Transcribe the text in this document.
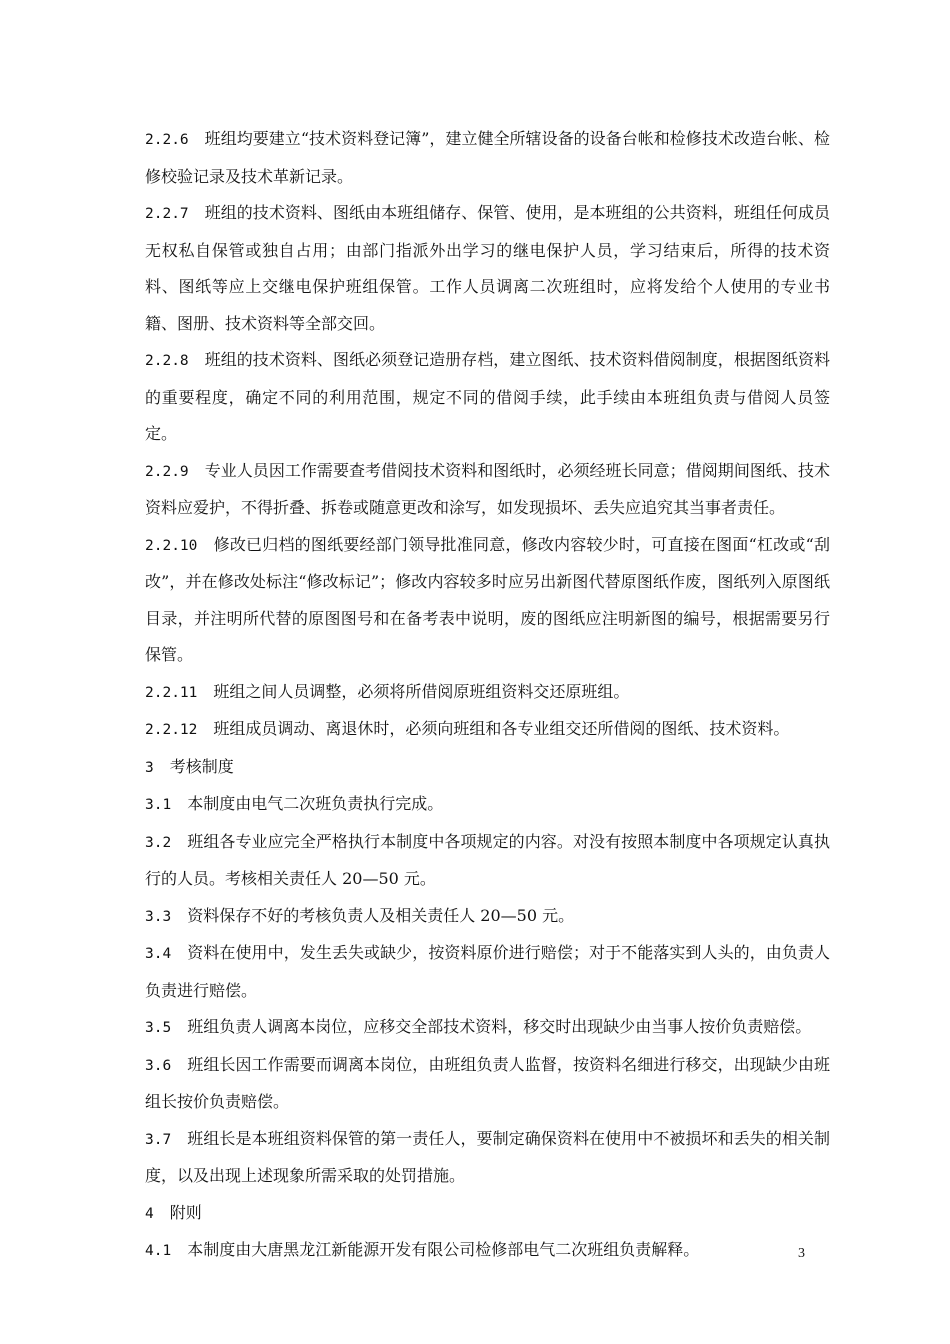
2.2.6 班组均要建立“技术资料登记簿”，建立健全所辖设备的设备台帐和检修技术改造台帐、检修校验记录及技术革新记录。

2.2.7 班组的技术资料、图纸由本班组储存、保管、使用，是本班组的公共资料，班组任何成员无权私自保管或独自占用；由部门指派外出学习的继电保护人员，学习结束后，所得的技术资料、图纸等应上交继电保护班组保管。工作人员调离二次班组时，应将发给个人使用的专业书籍、图册、技术资料等全部交回。

2.2.8 班组的技术资料、图纸必须登记造册存档，建立图纸、技术资料借阅制度，根据图纸资料的重要程度，确定不同的利用范围，规定不同的借阅手续，此手续由本班组负责与借阅人员签定。

2.2.9 专业人员因工作需要查考借阅技术资料和图纸时，必须经班长同意；借阅期间图纸、技术资料应爱护，不得折叠、拆卷或随意更改和涂写，如发现损坏、丢失应追究其当事者责任。

2.2.10 修改已归档的图纸要经部门领导批准同意，修改内容较少时，可直接在图面“杠改或“刮改”，并在修改处标注“修改标记”；修改内容较多时应另出新图代替原图纸作废，图纸列入原图纸目录，并注明所代替的原图图号和在备考表中说明，废的图纸应注明新图的编号，根据需要另行保管。

2.2.11 班组之间人员调整，必须将所借阅原班组资料交还原班组。

2.2.12 班组成员调动、离退休时，必须向班组和各专业组交还所借阅的图纸、技术资料。

3 考核制度

3.1 本制度由电气二次班负责执行完成。

3.2 班组各专业应完全严格执行本制度中各项规定的内容。对没有按照本制度中各项规定认真执行的人员。考核相关责任人 20—50 元。

3.3 资料保存不好的考核负责人及相关责任人 20—50 元。

3.4 资料在使用中，发生丢失或缺少，按资料原价进行赔偿；对于不能落实到人头的，由负责人负责进行赔偿。

3.5 班组负责人调离本岗位，应移交全部技术资料，移交时出现缺少由当事人按价负责赔偿。

3.6 班组长因工作需要而调离本岗位，由班组负责人监督，按资料名细进行移交，出现缺少由班组长按价负责赔偿。

3.7 班组长是本班组资料保管的第一责任人，要制定确保资料在使用中不被损坏和丢失的相关制度，以及出现上述现象所需采取的处罚措施。

4 附则

4.1 本制度由大唐黑龙江新能源开发有限公司检修部电气二次班组负责解释。	3
